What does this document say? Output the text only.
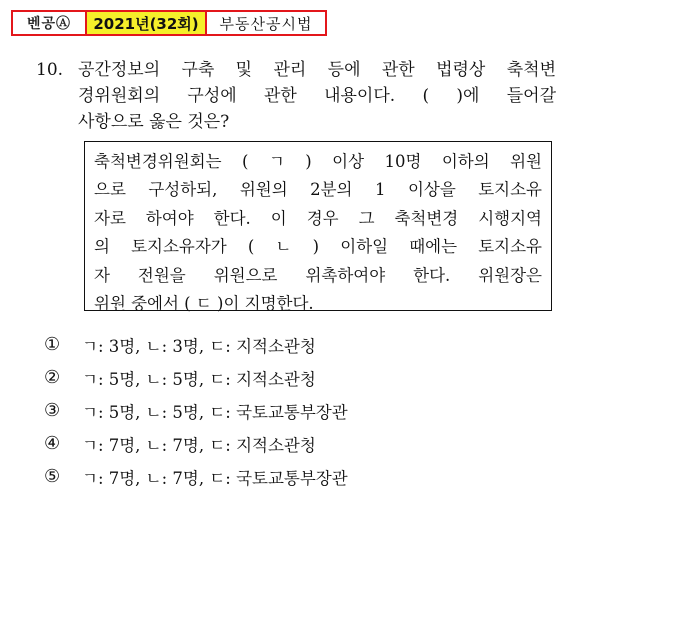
벤공Ⓐ	2021년(32회)	부동산공시법
10. 공간정보의 구축 및 관리 등에 관한 법령상 축척변
경위원회의 구성에 관한 내용이다. ( )에 들어갈
사항으로 옳은 것은?
축척변경위원회는 ( ㄱ ) 이상 10명 이하의 위원
으로 구성하되, 위원의 2분의 1 이상을 토지소유
자로 하여야 한다. 이 경우 그 축척변경 시행지역
의 토지소유자가 ( ㄴ ) 이하일 때에는 토지소유
자 전원을 위원으로 위촉하여야 한다. 위원장은
위원 중에서 ( ㄷ )이 지명한다.
①	ㄱ: 3명, ㄴ: 3명, ㄷ: 지적소관청
②	ㄱ: 5명, ㄴ: 5명, ㄷ: 지적소관청
③	ㄱ: 5명, ㄴ: 5명, ㄷ: 국토교통부장관
④	ㄱ: 7명, ㄴ: 7명, ㄷ: 지적소관청
⑤	ㄱ: 7명, ㄴ: 7명, ㄷ: 국토교통부장관
